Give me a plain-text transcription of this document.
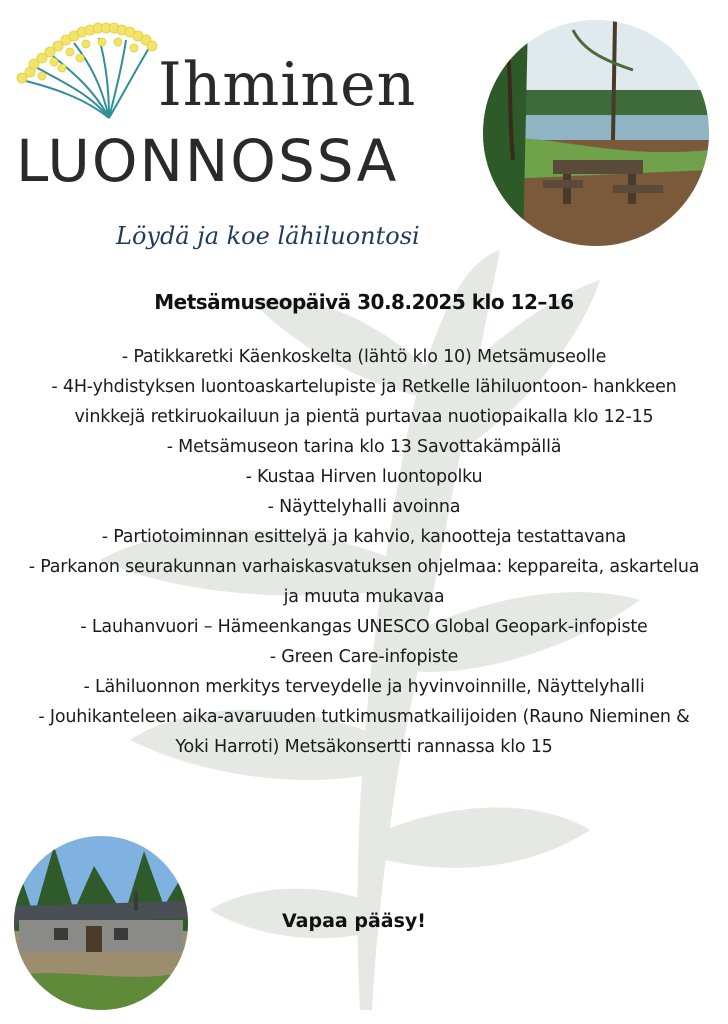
Ihminen
LUONNOSSA
Löydä ja koe lähiluontosi
Metsämuseopäivä 30.8.2025 klo 12–16
- Patikkaretki Käenkoskelta (lähtö klo 10) Metsämuseolle
- 4H-yhdistyksen luontoaskartelupiste ja Retkelle lähiluontoon- hankkeen vinkkejä retkiruokailuun ja pientä purtavaa nuotiopaikalla klo 12-15
- Metsämuseon tarina klo 13 Savottakämpällä
- Kustaa Hirven luontopolku
- Näyttelyhalli avoinna
- Partiotoiminnan esittelyä ja kahvio, kanootteja testattavana
- Parkanon seurakunnan varhaiskasvatuksen ohjelmaa: keppareita, askartelua ja muuta mukavaa
- Lauhanvuori – Hämeenkangas UNESCO Global Geopark-infopiste
- Green Care-infopiste
- Lähiluonnon merkitys terveydelle ja hyvinvoinnille, Näyttelyhalli
- Jouhikanteleen aika-avaruuden tutkimusmatkailijoiden (Rauno Nieminen & Yoki Harroti) Metsäkonsertti rannassa klo 15
Vapaa pääsy!
